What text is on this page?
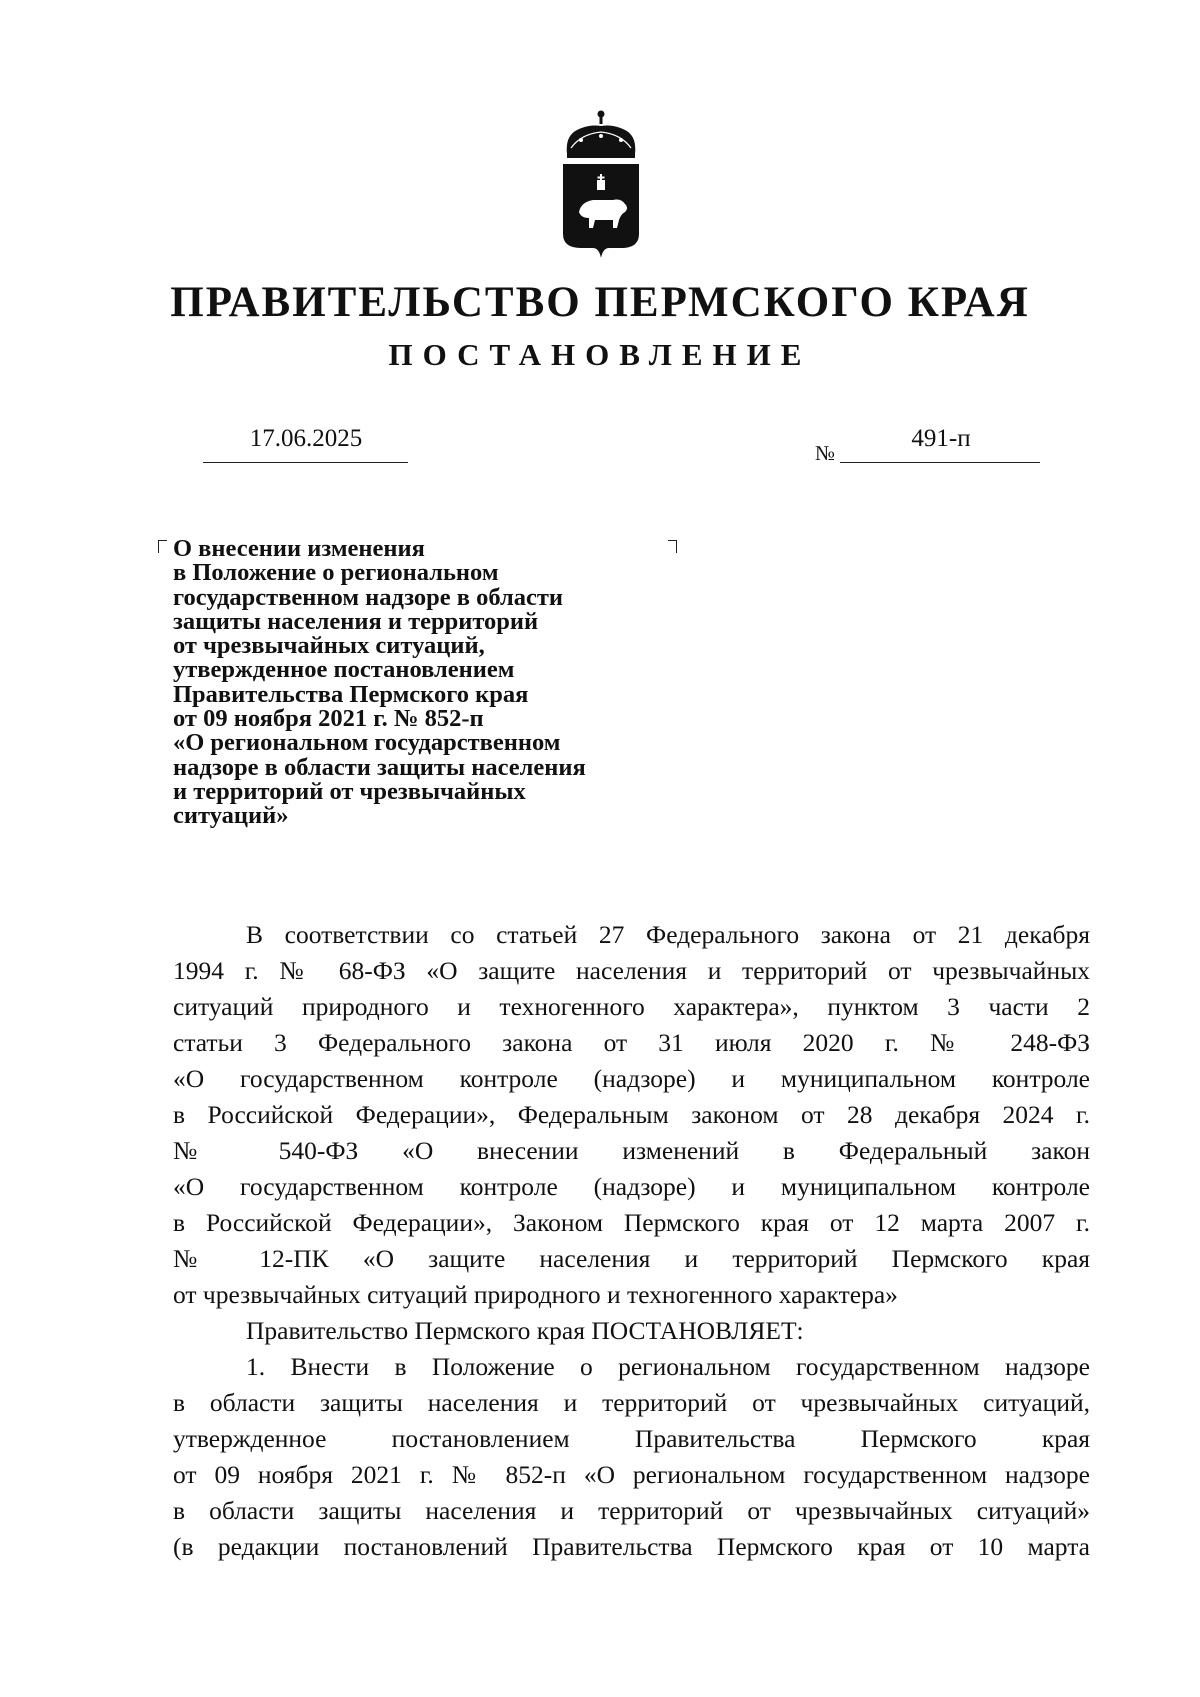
ПРАВИТЕЛЬСТВО ПЕРМСКОГО КРАЯ
ПОСТАНОВЛЕНИЕ
17.06.2025
№
491-п
О внесении изменения
в Положение о региональном
государственном надзоре в области
защиты населения и территорий
от чрезвычайных ситуаций,
утвержденное постановлением
Правительства Пермского края
от 09 ноября 2021 г. № 852-п
«О региональном государственном
надзоре в области защиты населения
и территорий от чрезвычайных
ситуаций»
В соответствии со статьей 27 Федерального закона от 21 декабря
1994 г. № 68-ФЗ «О защите населения и территорий от чрезвычайных
ситуаций природного и техногенного характера», пунктом 3 части 2
статьи 3 Федерального закона от 31 июля 2020 г. № 248-ФЗ
«О государственном контроле (надзоре) и муниципальном контроле
в Российской Федерации», Федеральным законом от 28 декабря 2024 г.
№ 540-ФЗ «О внесении изменений в Федеральный закон
«О государственном контроле (надзоре) и муниципальном контроле
в Российской Федерации», Законом Пермского края от 12 марта 2007 г.
№ 12-ПК «О защите населения и территорий Пермского края
от чрезвычайных ситуаций природного и техногенного характера»
Правительство Пермского края ПОСТАНОВЛЯЕТ:
1. Внести в Положение о региональном государственном надзоре
в области защиты населения и территорий от чрезвычайных ситуаций,
утвержденное постановлением Правительства Пермского края
от 09 ноября 2021 г. № 852-п «О региональном государственном надзоре
в области защиты населения и территорий от чрезвычайных ситуаций»
(в редакции постановлений Правительства Пермского края от 10 марта
